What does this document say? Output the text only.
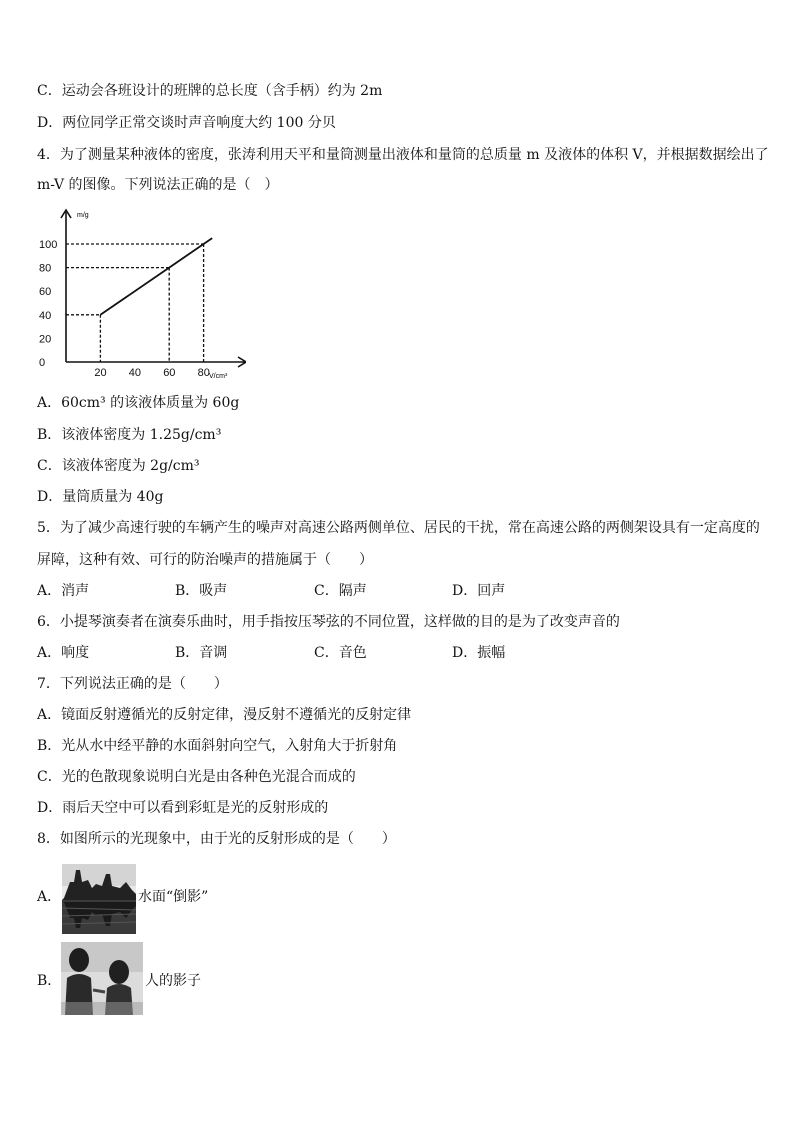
C．运动会各班设计的班牌的总长度（含手柄）约为 2m
D．两位同学正常交谈时声音响度大约 100 分贝
4．为了测量某种液体的密度，张涛利用天平和量筒测量出液体和量筒的总质量 m 及液体的体积 V，并根据数据绘出了
m-V 的图像。下列说法正确的是（　）
0
20
40
60
80
100
20 40 60 80
m/g
V/cm³
A．60cm³ 的该液体质量为 60g
B．该液体密度为 1.25g/cm³
C．该液体密度为 2g/cm³
D．量筒质量为 40g
5．为了减少高速行驶的车辆产生的噪声对高速公路两侧单位、居民的干扰，常在高速公路的两侧架设具有一定高度的
屏障，这种有效、可行的防治噪声的措施属于（　　）
A．消声	B．吸声	C．隔声	D．回声
6．小提琴演奏者在演奏乐曲时，用手指按压琴弦的不同位置，这样做的目的是为了改变声音的
A．响度	B．音调	C．音色	D．振幅
7．下列说法正确的是（　　）
A．镜面反射遵循光的反射定律，漫反射不遵循光的反射定律
B．光从水中经平静的水面斜射向空气，入射角大于折射角
C．光的色散现象说明白光是由各种色光混合而成的
D．雨后天空中可以看到彩虹是光的反射形成的
8．如图所示的光现象中，由于光的反射形成的是（　　）
A．	水面“倒影”
B．	人的影子
